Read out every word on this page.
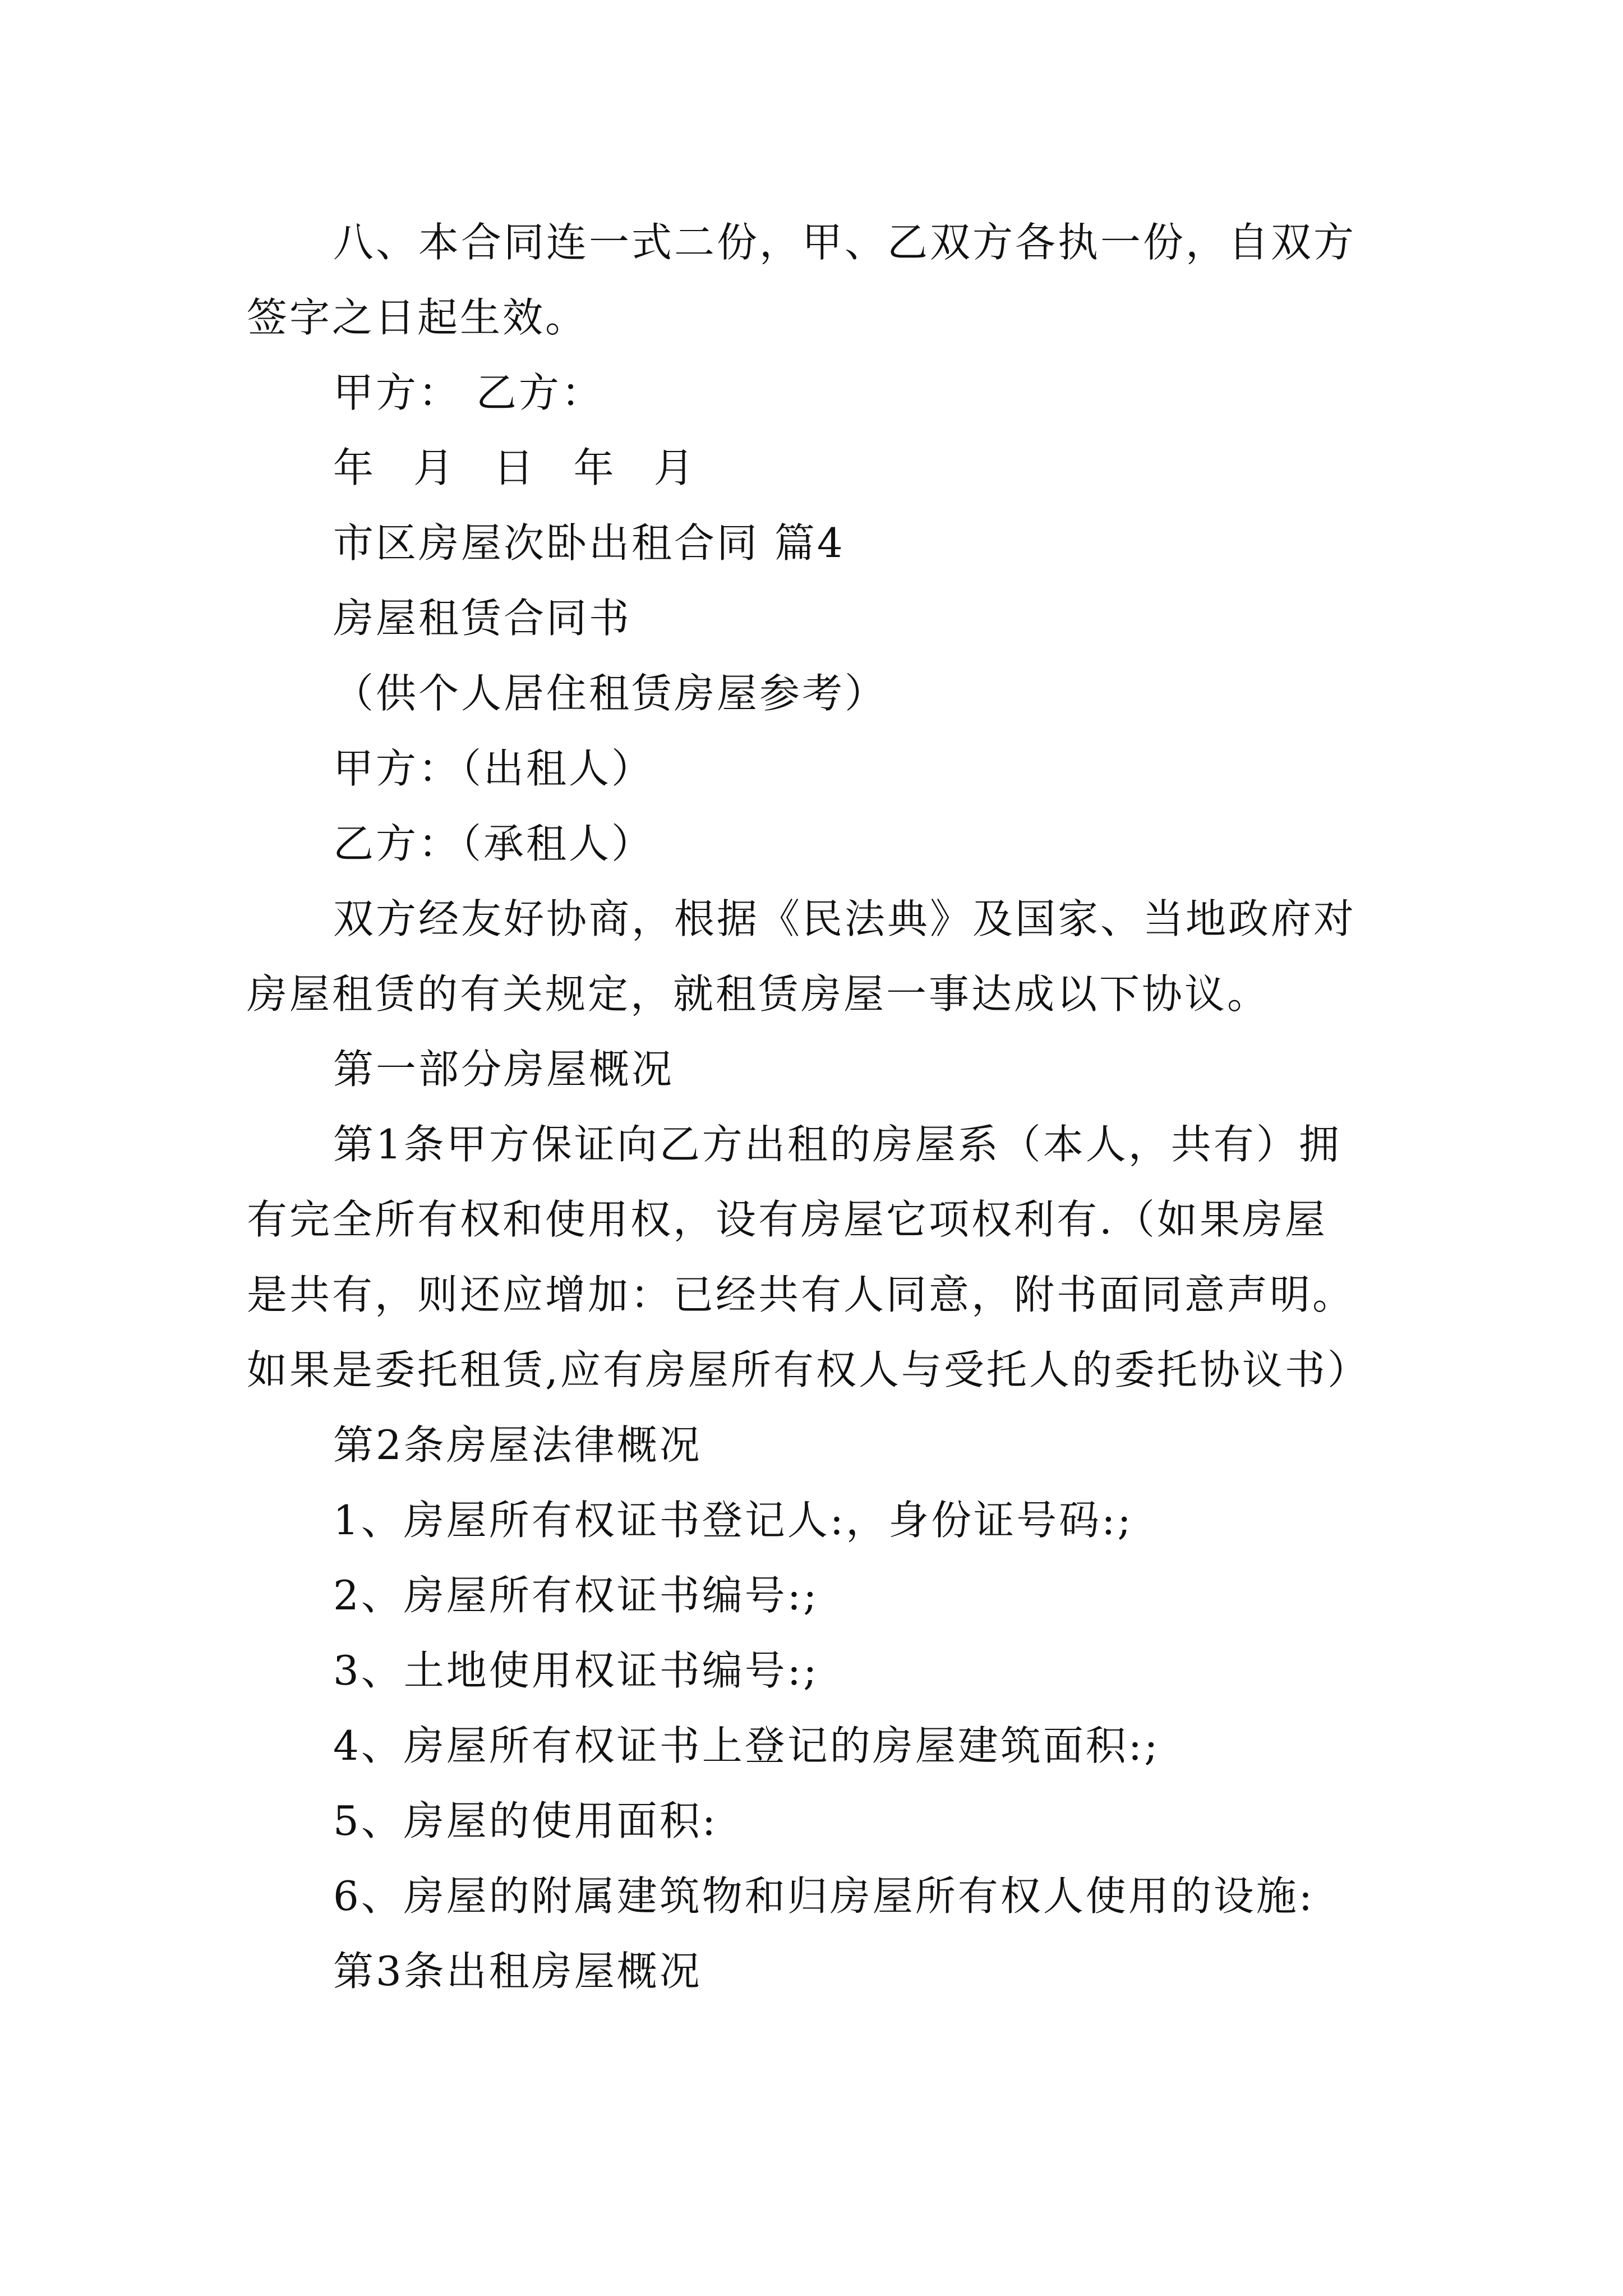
八、本合同连一式二份，甲、乙双方各执一份，自双方
签字之日起生效。
甲方： 乙方：
年 月 日 年 月
市区房屋次卧出租合同 篇4
房屋租赁合同书
（供个人居住租赁房屋参考）
甲方：（出租人）
乙方：（承租人）
双方经友好协商，根据《民法典》及国家、当地政府对
房屋租赁的有关规定，就租赁房屋一事达成以下协议。
第一部分房屋概况
第1条甲方保证向乙方出租的房屋系（本人，共有）拥
有完全所有权和使用权，设有房屋它项权利有.（如果房屋
是共有，则还应增加：已经共有人同意，附书面同意声明。
如果是委托租赁,应有房屋所有权人与受托人的委托协议书）
第2条房屋法律概况
1、房屋所有权证书登记人:，身份证号码:;
2、房屋所有权证书编号:;
3、土地使用权证书编号:;
4、房屋所有权证书上登记的房屋建筑面积:;
5、房屋的使用面积:
6、房屋的附属建筑物和归房屋所有权人使用的设施:
第3条出租房屋概况
